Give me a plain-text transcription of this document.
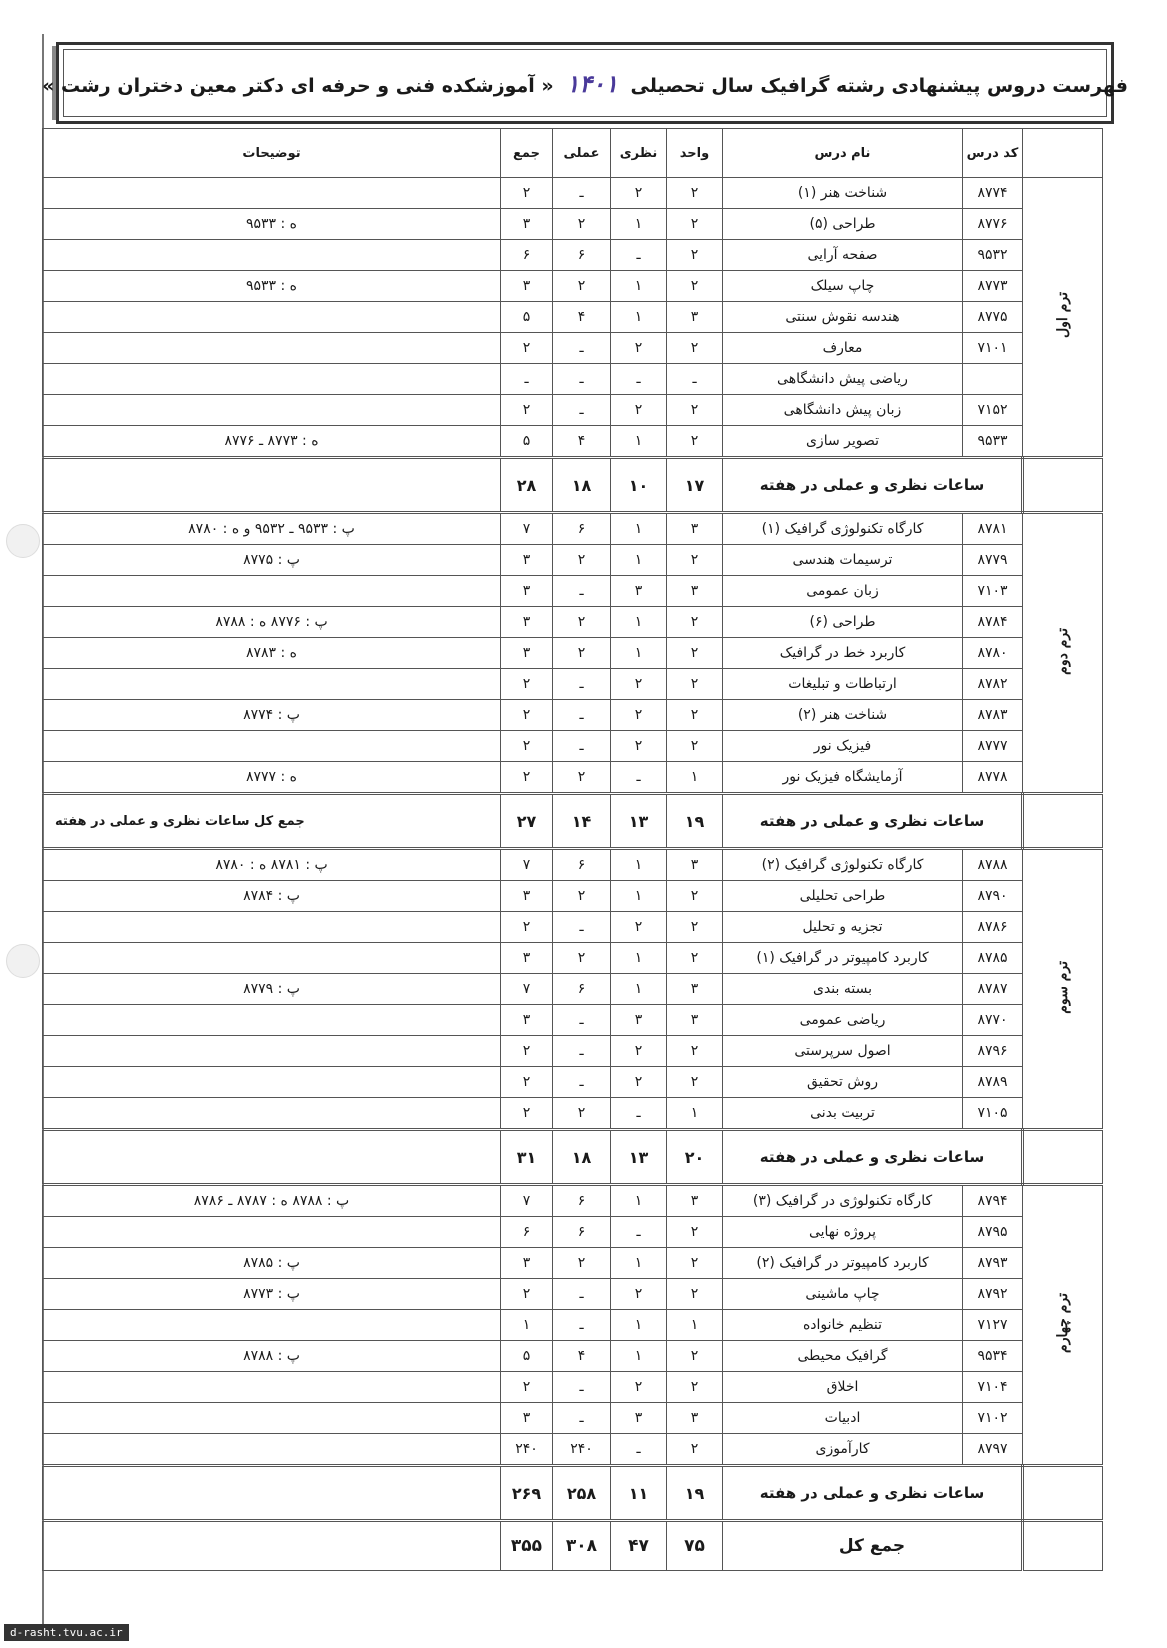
فهرست دروس پیشنهادی رشته گرافیک سال تحصیلی ۱۴۰۱ « آموزشکده فنی و حرفه ای دکتر معین دختران رشت »
	کد درس	نام درس	واحد	نظری	عملی	جمع	توضیحات
ترم اول	۸۷۷۴	شناخت هنر (۱)	۲	۲	ـ	۲	
	۸۷۷۶	طراحی (۵)	۲	۱	۲	۳	ه : ۹۵۳۳
	۹۵۳۲	صفحه آرایی	۲	ـ	۶	۶	
	۸۷۷۳	چاپ سیلک	۲	۱	۲	۳	ه : ۹۵۳۳
	۸۷۷۵	هندسه نقوش سنتی	۳	۱	۴	۵	
	۷۱۰۱	معارف	۲	۲	ـ	۲	
		ریاضی پیش دانشگاهی	ـ	ـ	ـ	ـ	
	۷۱۵۲	زبان پیش دانشگاهی	۲	۲	ـ	۲	
	۹۵۳۳	تصویر سازی	۲	۱	۴	۵	ه : ۸۷۷۳ ـ ۸۷۷۶
	ساعات نظری و عملی در هفته		۱۷	۱۰	۱۸	۲۸	
ترم دوم	۸۷۸۱	کارگاه تکنولوژی گرافیک (۱)	۳	۱	۶	۷	پ : ۹۵۳۳ ـ ۹۵۳۲ و ه : ۸۷۸۰
	۸۷۷۹	ترسیمات هندسی	۲	۱	۲	۳	پ : ۸۷۷۵
	۷۱۰۳	زبان عمومی	۳	۳	ـ	۳	
	۸۷۸۴	طراحی (۶)	۲	۱	۲	۳	پ : ۸۷۷۶ ه : ۸۷۸۸
	۸۷۸۰	کاربرد خط در گرافیک	۲	۱	۲	۳	ه : ۸۷۸۳
	۸۷۸۲	ارتباطات و تبلیغات	۲	۲	ـ	۲	
	۸۷۸۳	شناخت هنر (۲)	۲	۲	ـ	۲	پ : ۸۷۷۴
	۸۷۷۷	فیزیک نور	۲	۲	ـ	۲	
	۸۷۷۸	آزمایشگاه فیزیک نور	۱	ـ	۲	۲	ه : ۸۷۷۷
	ساعات نظری و عملی در هفته		۱۹	۱۳	۱۴	۲۷	جمع کل ساعات نظری و عملی در هفته
ترم سوم	۸۷۸۸	کارگاه تکنولوژی گرافیک (۲)	۳	۱	۶	۷	پ : ۸۷۸۱ ه : ۸۷۸۰
	۸۷۹۰	طراحی تحلیلی	۲	۱	۲	۳	پ : ۸۷۸۴
	۸۷۸۶	تجزیه و تحلیل	۲	۲	ـ	۲	
	۸۷۸۵	کاربرد کامپیوتر در گرافیک (۱)	۲	۱	۲	۳	
	۸۷۸۷	بسته بندی	۳	۱	۶	۷	پ : ۸۷۷۹
	۸۷۷۰	ریاضی عمومی	۳	۳	ـ	۳	
	۸۷۹۶	اصول سرپرستی	۲	۲	ـ	۲	
	۸۷۸۹	روش تحقیق	۲	۲	ـ	۲	
	۷۱۰۵	تربیت بدنی	۱	ـ	۲	۲	
	ساعات نظری و عملی در هفته		۲۰	۱۳	۱۸	۳۱	
ترم چهارم	۸۷۹۴	کارگاه تکنولوژی در گرافیک (۳)	۳	۱	۶	۷	پ : ۸۷۸۸ ه : ۸۷۸۷ ـ ۸۷۸۶
	۸۷۹۵	پروژه نهایی	۲	ـ	۶	۶	
	۸۷۹۳	کاربرد کامپیوتر در گرافیک (۲)	۲	۱	۲	۳	پ : ۸۷۸۵
	۸۷۹۲	چاپ ماشینی	۲	۲	ـ	۲	پ : ۸۷۷۳
	۷۱۲۷	تنظیم خانواده	۱	۱	ـ	۱	
	۹۵۳۴	گرافیک محیطی	۲	۱	۴	۵	پ : ۸۷۸۸
	۷۱۰۴	اخلاق	۲	۲	ـ	۲	
	۷۱۰۲	ادبیات	۳	۳	ـ	۳	
	۸۷۹۷	کارآموزی	۲	ـ	۲۴۰	۲۴۰	
	ساعات نظری و عملی در هفته		۱۹	۱۱	۲۵۸	۲۶۹	
	جمع کل		۷۵	۴۷	۳۰۸	۳۵۵	
d-rasht.tvu.ac.ir
